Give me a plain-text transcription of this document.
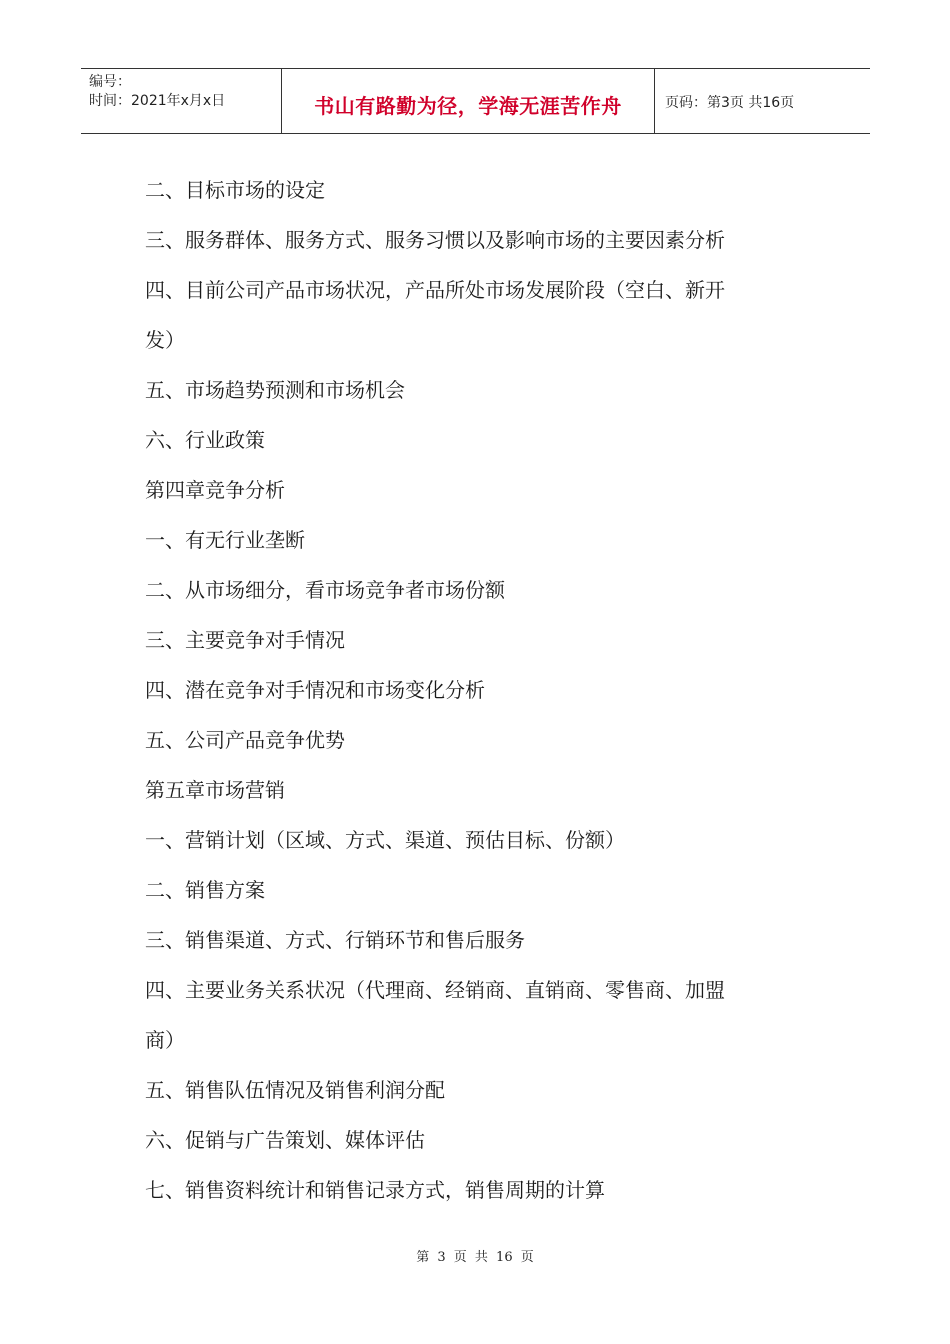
编号：
时间：2021年x月x日	书山有路勤为径，学海无涯苦作舟	页码：第3页 共16页

二、目标市场的设定

三、服务群体、服务方式、服务习惯以及影响市场的主要因素分析

四、目前公司产品市场状况，产品所处市场发展阶段（空白、新开

发）

五、市场趋势预测和市场机会

六、行业政策

第四章竞争分析

一、有无行业垄断

二、从市场细分，看市场竞争者市场份额

三、主要竞争对手情况

四、潜在竞争对手情况和市场变化分析

五、公司产品竞争优势

第五章市场营销

一、营销计划（区域、方式、渠道、预估目标、份额）

二、销售方案

三、销售渠道、方式、行销环节和售后服务

四、主要业务关系状况（代理商、经销商、直销商、零售商、加盟

商）

五、销售队伍情况及销售利润分配

六、促销与广告策划、媒体评估

七、销售资料统计和销售记录方式，销售周期的计算

第 3 页 共 16 页
